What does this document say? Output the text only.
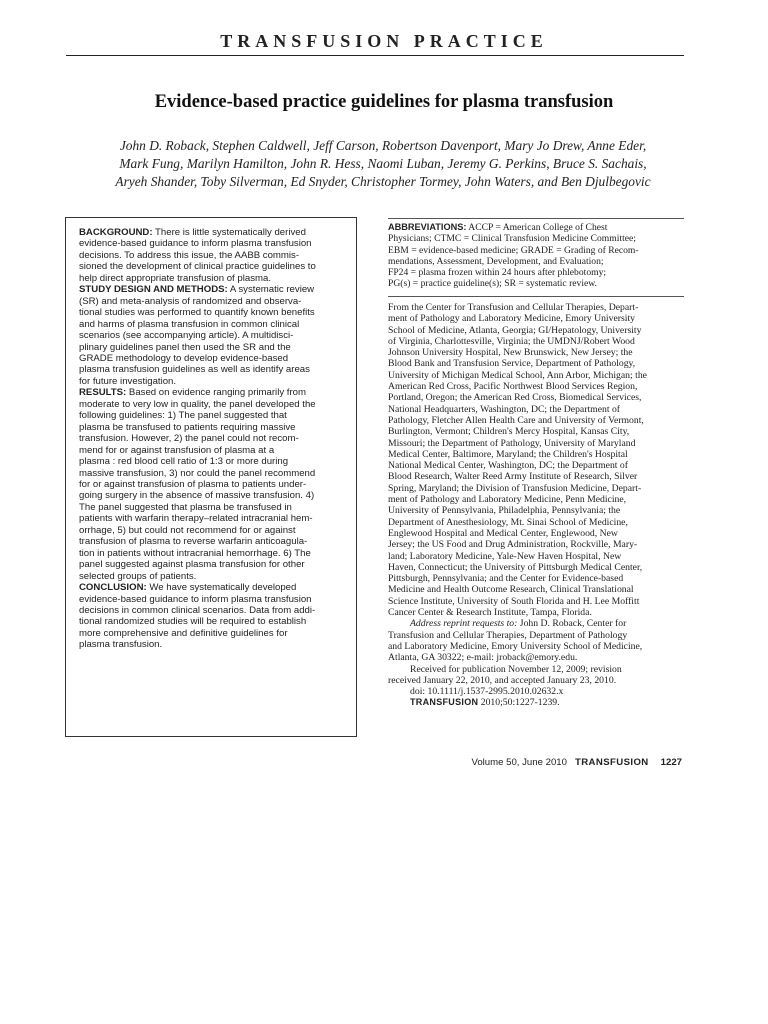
TRANSFUSION PRACTICE
Evidence-based practice guidelines for plasma transfusion
John D. Roback, Stephen Caldwell, Jeff Carson, Robertson Davenport, Mary Jo Drew, Anne Eder,
Mark Fung, Marilyn Hamilton, John R. Hess, Naomi Luban, Jeremy G. Perkins, Bruce S. Sachais,
Aryeh Shander, Toby Silverman, Ed Snyder, Christopher Tormey, John Waters, and Ben Djulbegovic
BACKGROUND: There is little systematically derived
evidence-based guidance to inform plasma transfusion
decisions. To address this issue, the AABB commis-
sioned the development of clinical practice guidelines to
help direct appropriate transfusion of plasma.
STUDY DESIGN AND METHODS: A systematic review
(SR) and meta-analysis of randomized and observa-
tional studies was performed to quantify known benefits
and harms of plasma transfusion in common clinical
scenarios (see accompanying article). A multidisci-
plinary guidelines panel then used the SR and the
GRADE methodology to develop evidence-based
plasma transfusion guidelines as well as identify areas
for future investigation.
RESULTS: Based on evidence ranging primarily from
moderate to very low in quality, the panel developed the
following guidelines: 1) The panel suggested that
plasma be transfused to patients requiring massive
transfusion. However, 2) the panel could not recom-
mend for or against transfusion of plasma at a
plasma : red blood cell ratio of 1:3 or more during
massive transfusion, 3) nor could the panel recommend
for or against transfusion of plasma to patients under-
going surgery in the absence of massive transfusion. 4)
The panel suggested that plasma be transfused in
patients with warfarin therapy–related intracranial hem-
orrhage, 5) but could not recommend for or against
transfusion of plasma to reverse warfarin anticoagula-
tion in patients without intracranial hemorrhage. 6) The
panel suggested against plasma transfusion for other
selected groups of patients.
CONCLUSION: We have systematically developed
evidence-based guidance to inform plasma transfusion
decisions in common clinical scenarios. Data from addi-
tional randomized studies will be required to establish
more comprehensive and definitive guidelines for
plasma transfusion.
ABBREVIATIONS: ACCP = American College of Chest
Physicians; CTMC = Clinical Transfusion Medicine Committee;
EBM = evidence-based medicine; GRADE = Grading of Recom-
mendations, Assessment, Development, and Evaluation;
FP24 = plasma frozen within 24 hours after phlebotomy;
PG(s) = practice guideline(s); SR = systematic review.
From the Center for Transfusion and Cellular Therapies, Depart-
ment of Pathology and Laboratory Medicine, Emory University
School of Medicine, Atlanta, Georgia; GI/Hepatology, University
of Virginia, Charlottesville, Virginia; the UMDNJ/Robert Wood
Johnson University Hospital, New Brunswick, New Jersey; the
Blood Bank and Transfusion Service, Department of Pathology,
University of Michigan Medical School, Ann Arbor, Michigan; the
American Red Cross, Pacific Northwest Blood Services Region,
Portland, Oregon; the American Red Cross, Biomedical Services,
National Headquarters, Washington, DC; the Department of
Pathology, Fletcher Allen Health Care and University of Vermont,
Burlington, Vermont; Children's Mercy Hospital, Kansas City,
Missouri; the Department of Pathology, University of Maryland
Medical Center, Baltimore, Maryland; the Children's Hospital
National Medical Center, Washington, DC; the Department of
Blood Research, Walter Reed Army Institute of Research, Silver
Spring, Maryland; the Division of Transfusion Medicine, Depart-
ment of Pathology and Laboratory Medicine, Penn Medicine,
University of Pennsylvania, Philadelphia, Pennsylvania; the
Department of Anesthesiology, Mt. Sinai School of Medicine,
Englewood Hospital and Medical Center, Englewood, New
Jersey; the US Food and Drug Administration, Rockville, Mary-
land; Laboratory Medicine, Yale-New Haven Hospital, New
Haven, Connecticut; the University of Pittsburgh Medical Center,
Pittsburgh, Pennsylvania; and the Center for Evidence-based
Medicine and Health Outcome Research, Clinical Translational
Science Institute, University of South Florida and H. Lee Moffitt
Cancer Center & Research Institute, Tampa, Florida.
Address reprint requests to: John D. Roback, Center for
Transfusion and Cellular Therapies, Department of Pathology
and Laboratory Medicine, Emory University School of Medicine,
Atlanta, GA 30322; e-mail: jroback@emory.edu.
Received for publication November 12, 2009; revision
received January 22, 2010, and accepted January 23, 2010.
doi: 10.1111/j.1537-2995.2010.02632.x
TRANSFUSION 2010;50:1227-1239.
Volume 50, June 2010 TRANSFUSION 1227
